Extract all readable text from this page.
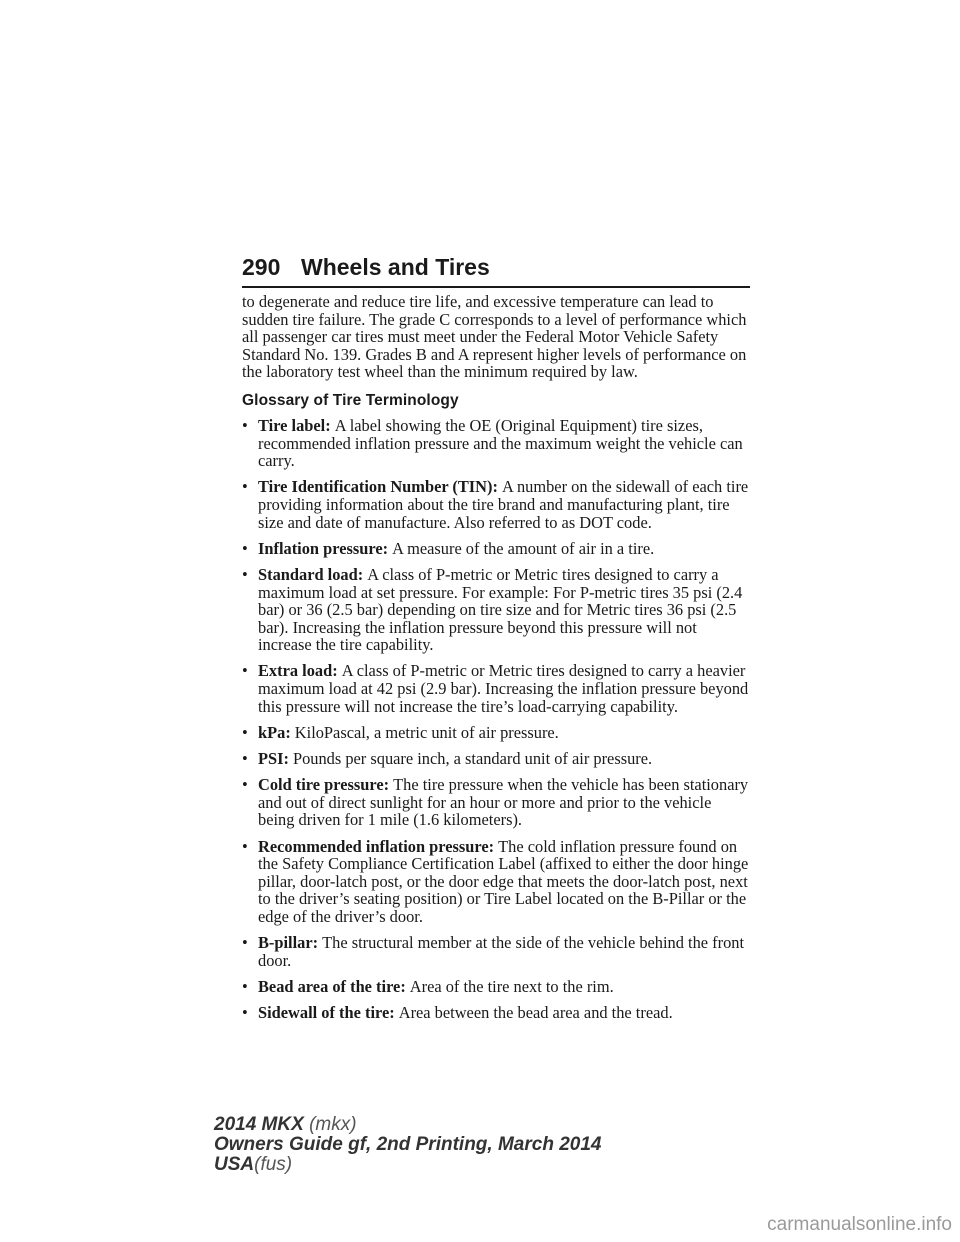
290 Wheels and Tires

to degenerate and reduce tire life, and excessive temperature can lead to sudden tire failure. The grade C corresponds to a level of performance which all passenger car tires must meet under the Federal Motor Vehicle Safety Standard No. 139. Grades B and A represent higher levels of performance on the laboratory test wheel than the minimum required by law.

Glossary of Tire Terminology
• Tire label: A label showing the OE (Original Equipment) tire sizes, recommended inflation pressure and the maximum weight the vehicle can carry.
• Tire Identification Number (TIN): A number on the sidewall of each tire providing information about the tire brand and manufacturing plant, tire size and date of manufacture. Also referred to as DOT code.
• Inflation pressure: A measure of the amount of air in a tire.
• Standard load: A class of P-metric or Metric tires designed to carry a maximum load at set pressure. For example: For P-metric tires 35 psi (2.4 bar) or 36 (2.5 bar) depending on tire size and for Metric tires 36 psi (2.5 bar). Increasing the inflation pressure beyond this pressure will not increase the tire capability.
• Extra load: A class of P-metric or Metric tires designed to carry a heavier maximum load at 42 psi (2.9 bar). Increasing the inflation pressure beyond this pressure will not increase the tire’s load-carrying capability.
• kPa: KiloPascal, a metric unit of air pressure.
• PSI: Pounds per square inch, a standard unit of air pressure.
• Cold tire pressure: The tire pressure when the vehicle has been stationary and out of direct sunlight for an hour or more and prior to the vehicle being driven for 1 mile (1.6 kilometers).
• Recommended inflation pressure: The cold inflation pressure found on the Safety Compliance Certification Label (affixed to either the door hinge pillar, door-latch post, or the door edge that meets the door-latch post, next to the driver’s seating position) or Tire Label located on the B-Pillar or the edge of the driver’s door.
• B-pillar: The structural member at the side of the vehicle behind the front door.
• Bead area of the tire: Area of the tire next to the rim.
• Sidewall of the tire: Area between the bead area and the tread.
2014 MKX (mkx)
Owners Guide gf, 2nd Printing, March 2014
USA(fus)
carmanualsonline.info
